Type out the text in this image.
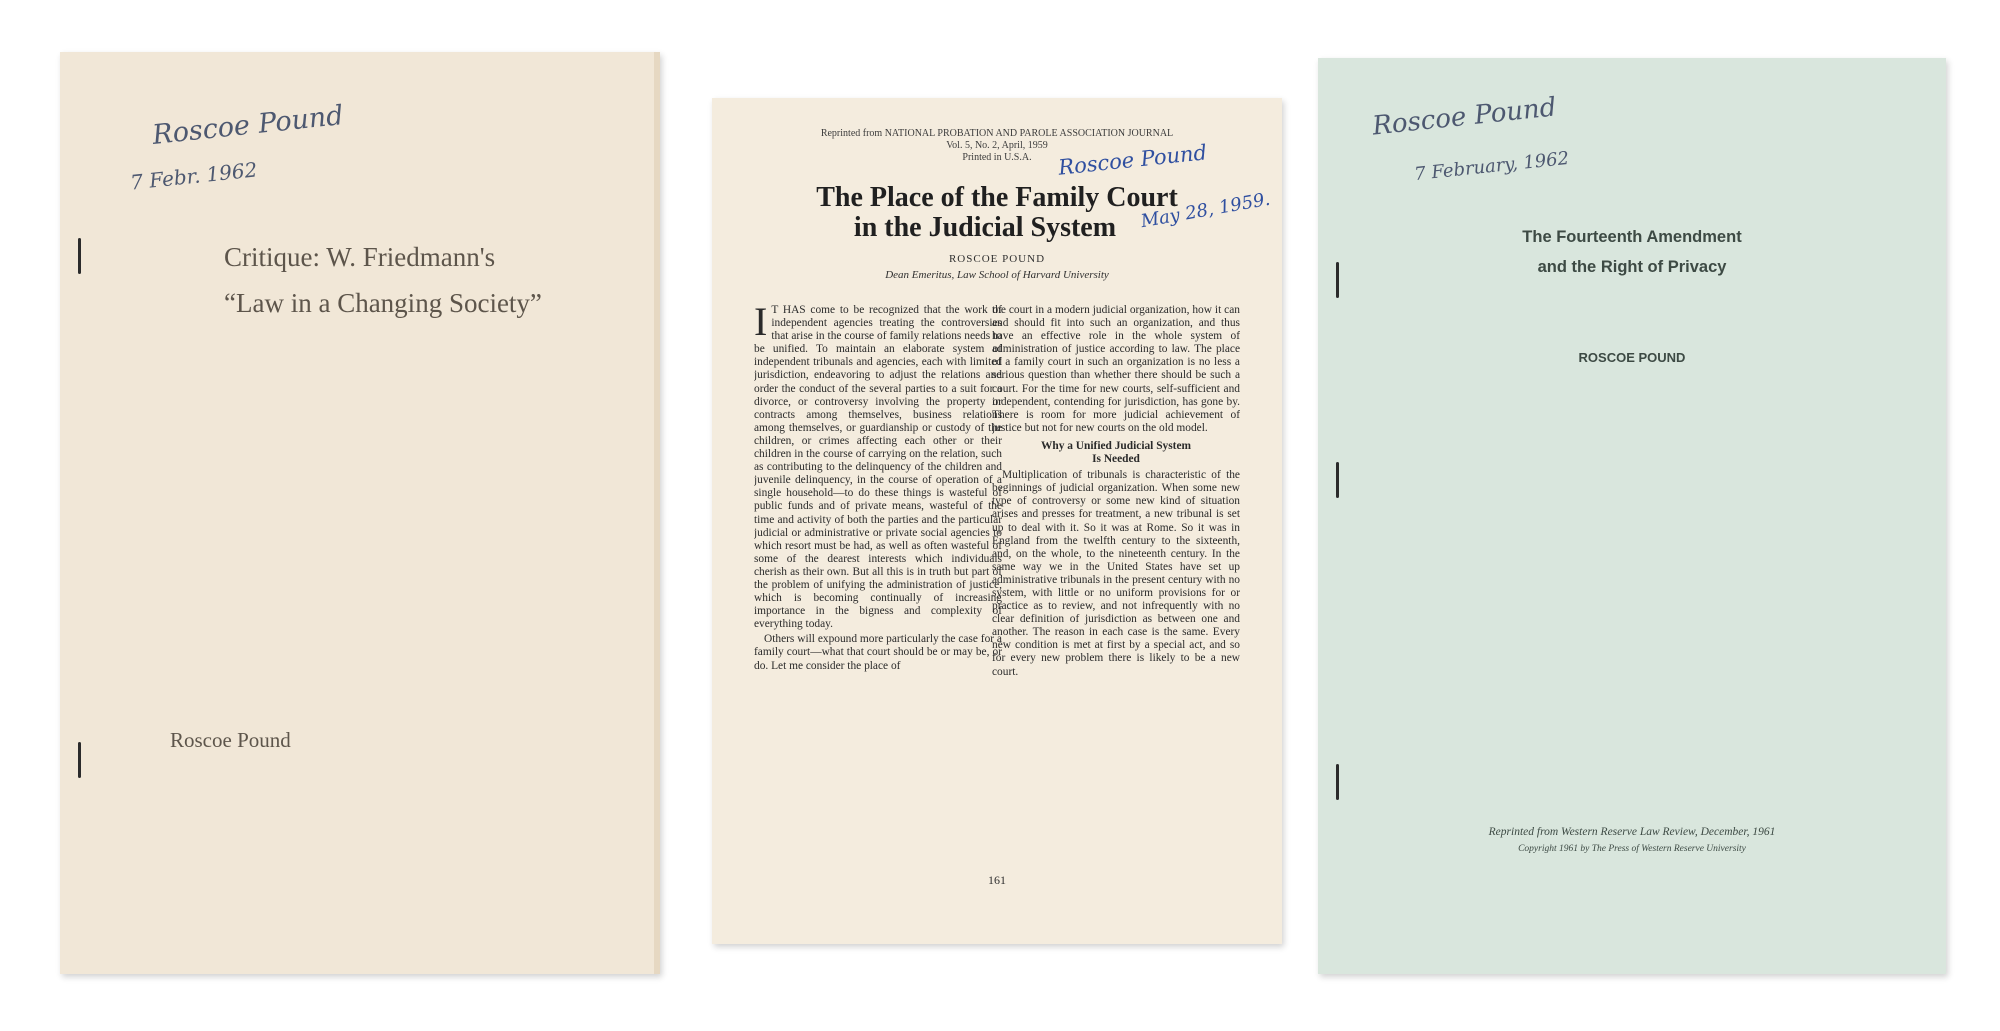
Roscoe Pound
7 Febr. 1962
Critique: W. Friedmann's
“Law in a Changing Society”
Roscoe Pound
Reprinted from NATIONAL PROBATION AND PAROLE ASSOCIATION JOURNAL
Vol. 5, No. 2, April, 1959
Printed in U.S.A.	Roscoe Pound
May 28, 1959.
The Place of the Family Court
in the Judicial System
ROSCOE POUND
Dean Emeritus, Law School of Harvard University

I T HAS come to be recognized that the work of independent agencies treating the controversies that arise in the course of family relations needs to be unified. To maintain an elaborate system of independent tribunals and agencies, each with limited jurisdiction, endeavoring to adjust the relations and order the conduct of the several parties to a suit for a divorce, or controversy involving the property or contracts among themselves, business relations among themselves, or guardianship or custody of the children, or crimes affecting each other or their children in the course of carrying on the relation, such as contributing to the delinquency of the children and juvenile delinquency, in the course of operation of a single household—to do these things is wasteful of public funds and of private means, wasteful of the time and activity of both the parties and the particular judicial or administrative or private social agencies to which resort must be had, as well as often wasteful of some of the dearest interests which individuals cherish as their own. But all this is in truth but part of the problem of unifying the administration of justice, which is becoming continually of increasing importance in the bigness and complexity of everything today.

Others will expound more particularly the case for a family court—what that court should be or may be, or do. Let me consider the place of

the court in a modern judicial organization, how it can and should fit into such an organization, and thus have an effective role in the whole system of administration of justice according to law. The place of a family court in such an organization is no less a serious question than whether there should be such a court. For the time for new courts, self-sufficient and independent, contending for jurisdiction, has gone by. There is room for more judicial achievement of justice but not for new courts on the old model.

Why a Unified Judicial System
Is Needed

Multiplication of tribunals is characteristic of the beginnings of judicial organization. When some new type of controversy or some new kind of situation arises and presses for treatment, a new tribunal is set up to deal with it. So it was at Rome. So it was in England from the twelfth century to the sixteenth, and, on the whole, to the nineteenth century. In the same way we in the United States have set up administrative tribunals in the present century with no system, with little or no uniform provisions for or practice as to review, and not infrequently with no clear definition of jurisdiction as between one and another. The reason in each case is the same. Every new condition is met at first by a special act, and so for every new problem there is likely to be a new court.

161
Roscoe Pound
7 February, 1962
The Fourteenth Amendment
and the Right of Privacy
ROSCOE POUND
Reprinted from Western Reserve Law Review, December, 1961
Copyright 1961 by The Press of Western Reserve University
